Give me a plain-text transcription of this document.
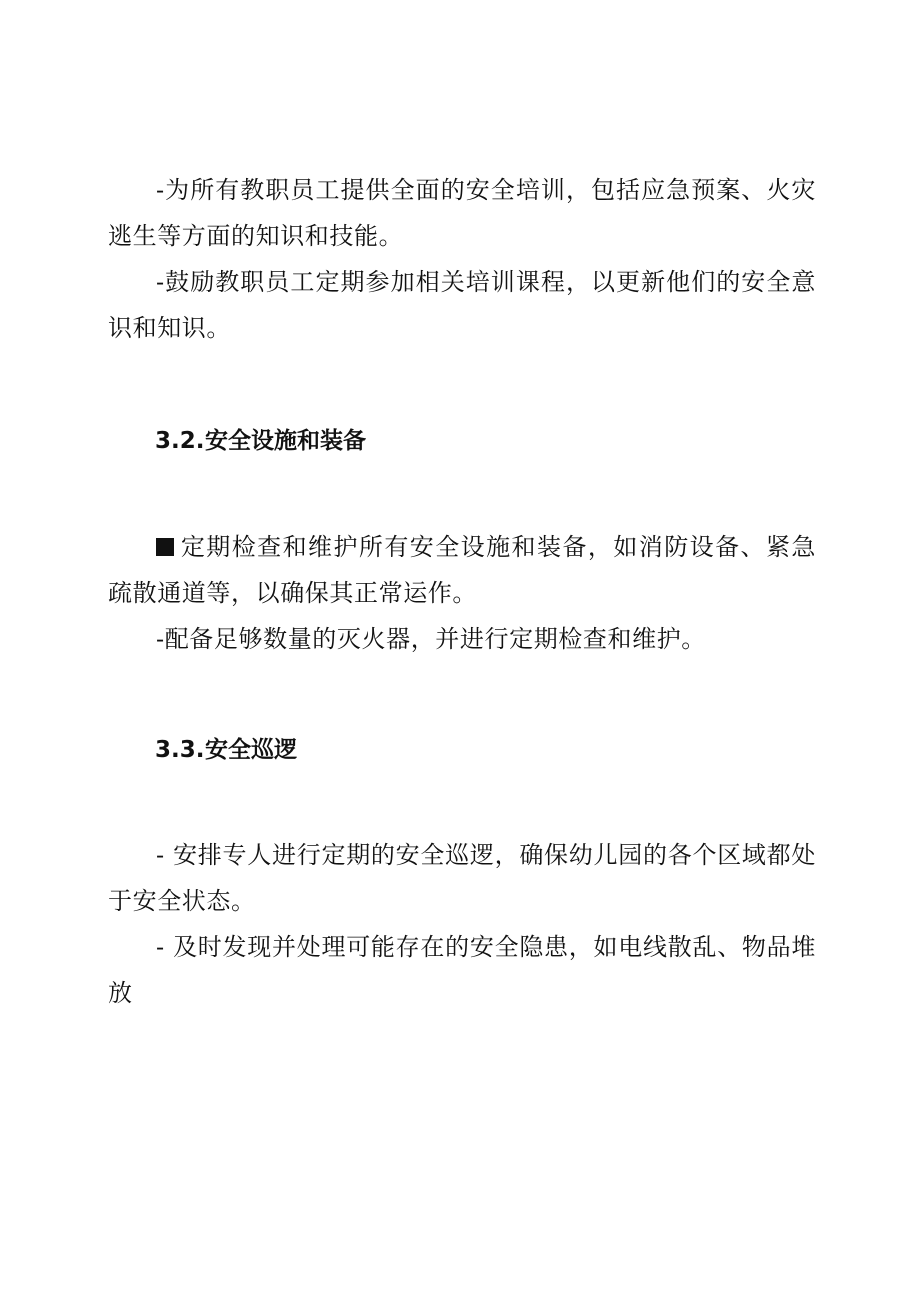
-为所有教职员工提供全面的安全培训，包括应急预案、火灾逃生等方面的知识和技能。

-鼓励教职员工定期参加相关培训课程，以更新他们的安全意识和知识。

3.2.安全设施和装备

定期检查和维护所有安全设施和装备，如消防设备、紧急疏散通道等，以确保其正常运作。

-配备足够数量的灭火器，并进行定期检查和维护。

3.3.安全巡逻

- 安排专人进行定期的安全巡逻，确保幼儿园的各个区域都处于安全状态。

- 及时发现并处理可能存在的安全隐患，如电线散乱、物品堆放
